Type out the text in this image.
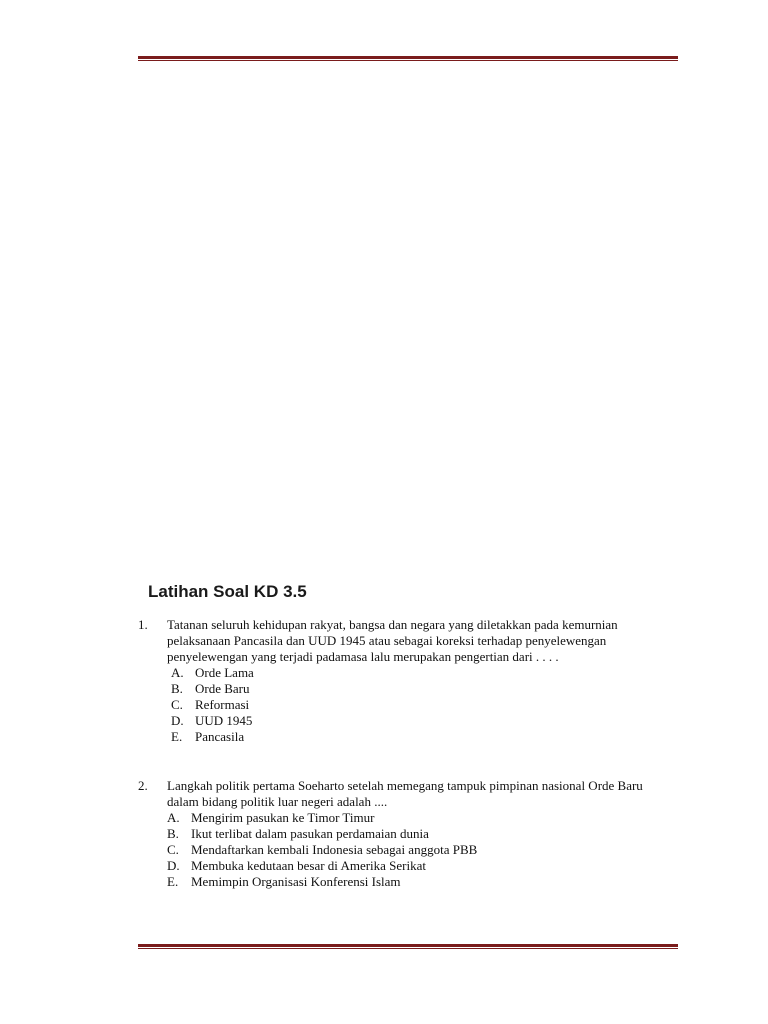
Latihan Soal KD 3.5
1.	Tatanan seluruh kehidupan rakyat, bangsa dan negara yang diletakkan pada kemurnian pelaksanaan Pancasila dan UUD 1945 atau sebagai koreksi terhadap penyelewengan penyelewengan yang terjadi padamasa lalu merupakan pengertian dari . . . .
A. Orde Lama
B. Orde Baru
C. Reformasi
D. UUD 1945
E. Pancasila
2.	Langkah politik pertama Soeharto setelah memegang tampuk pimpinan nasional Orde Baru dalam bidang politik luar negeri adalah ....
A. Mengirim pasukan ke Timor Timur
B. Ikut terlibat dalam pasukan perdamaian dunia
C. Mendaftarkan kembali Indonesia sebagai anggota PBB
D. Membuka kedutaan besar di Amerika Serikat
E. Memimpin Organisasi Konferensi Islam
